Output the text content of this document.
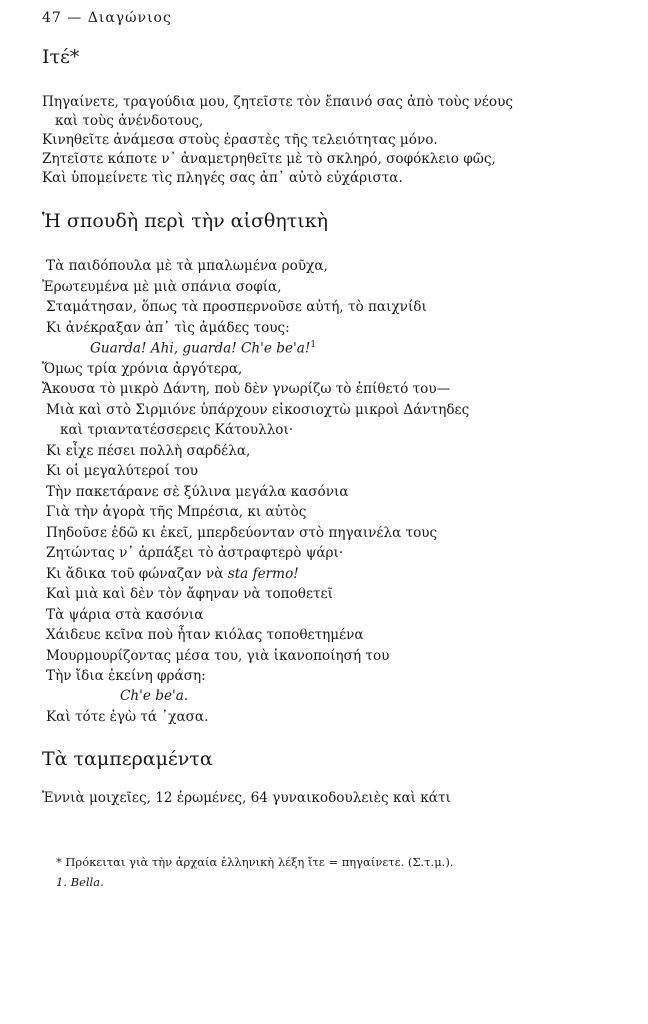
47 — Διαγώνιος
Ιτέ*
Πηγαίνετε, τραγούδια μου, ζητεῖστε τὸν ἔπαινό σας ἀπὸ τοὺς νέους
καὶ τοὺς ἀνένδοτους,
Κινηθεῖτε ἀνάμεσα στοὺς ἐραστὲς τῆς τελειότητας μόνο.
Ζητεῖστε κάποτε ν᾽ ἀναμετρηθεῖτε μὲ τὸ σκληρό, σοφόκλειο φῶς,
Καὶ ὑπομείνετε τὶς πληγές σας ἀπ᾽ αὐτὸ εὐχάριστα.
Ἡ σπουδὴ περὶ τὴν αἰσθητικὴ
Τὰ παιδόπουλα μὲ τὰ μπαλωμένα ροῦχα,
Ἐρωτευμένα μὲ μιὰ σπάνια σοφία,
Σταμάτησαν, ὅπως τὰ προσπερνοῦσε αὐτή, τὸ παιχνίδι
Κι ἀνέκραξαν ἀπ᾽ τὶς ἀμάδες τους:
Guarda! Ahi, guarda! Ch'e be'a!$^1$
Ὅμως τρία χρόνια ἀργότερα,
Ἄκουσα τὸ μικρὸ Δάντη, ποὺ δὲν γνωρίζω τὸ ἐπίθετό του—
Μιὰ καὶ στὸ Σιρμιόνε ὑπάρχουν εἰκοσιοχτὼ μικροὶ Δάντηδες
καὶ τριαντατέσσερεις Κάτουλλοι·
Κι εἶχε πέσει πολλὴ σαρδέλα,
Κι οἱ μεγαλύτεροί του
Τὴν πακετάρανε σὲ ξύλινα μεγάλα κασόνια
Γιὰ τὴν ἀγορὰ τῆς Μπρέσια, κι αὐτὸς
Πηδοῦσε ἐδῶ κι ἐκεῖ, μπερδεύονταν στὸ πηγαινέλα τους
Ζητώντας ν᾽ ἁρπάξει τὸ ἀστραφτερὸ ψάρι·
Κι ἄδικα τοῦ φώναζαν νὰ sta fermo!
Καὶ μιὰ καὶ δὲν τὸν ἄφηναν νὰ τοποθετεῖ
Τὰ ψάρια στὰ κασόνια
Χάιδευε κεῖνα ποὺ ἦταν κιόλας τοποθετημένα
Μουρμουρίζοντας μέσα του, γιὰ ἱκανοποίησή του
Τὴν ἴδια ἐκείνη φράση:
Ch'e be'a.
Καὶ τότε ἐγὼ τά ᾽χασα.
Τὰ ταμπεραμέντα
Ἐννιὰ μοιχεῖες, 12 ἐρωμένες, 64 γυναικοδουλειὲς καὶ κάτι
* Πρόκειται γιὰ τὴν ἀρχαία ἑλληνικὴ λέξη ἴτε = πηγαίνετε. (Σ.τ.μ.).
1. Bella.
